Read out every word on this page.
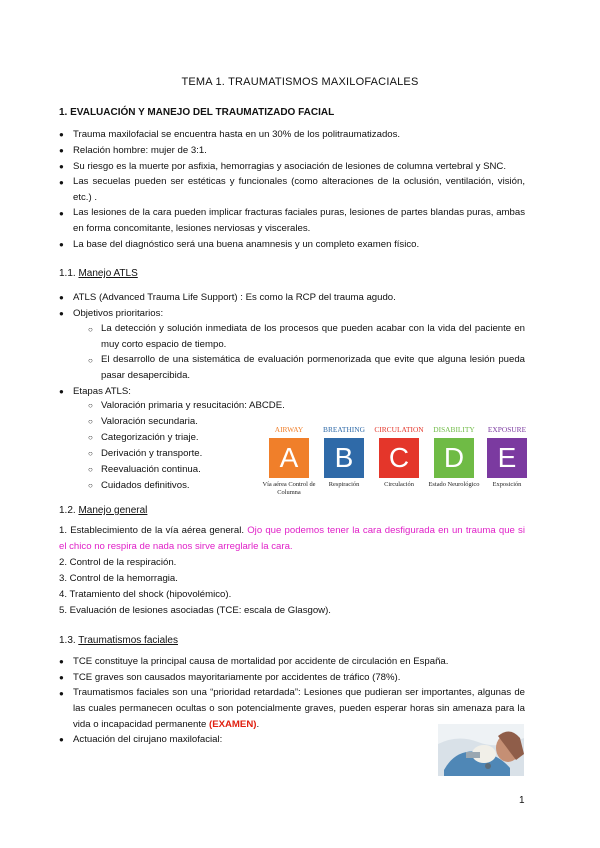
TEMA 1. TRAUMATISMOS MAXILOFACIALES
1. EVALUACIÓN Y MANEJO DEL TRAUMATIZADO FACIAL
● Trauma maxilofacial se encuentra hasta en un 30% de los politraumatizados.
● Relación hombre: mujer de 3:1.
● Su riesgo es la muerte por asfixia, hemorragias y asociación de lesiones de columna vertebral y SNC.
● Las secuelas pueden ser estéticas y funcionales (como alteraciones de la oclusión, ventilación, visión, etc.) .
● Las lesiones de la cara pueden implicar fracturas faciales puras, lesiones de partes blandas puras, ambas en forma concomitante, lesiones nerviosas y viscerales.
● La base del diagnóstico será una buena anamnesis y un completo examen físico.
1.1. Manejo ATLS
● ATLS (Advanced Trauma Life Support) : Es como la RCP del trauma agudo.
● Objetivos prioritarios:
○ La detección y solución inmediata de los procesos que pueden acabar con la vida del paciente en muy corto espacio de tiempo.
○ El desarrollo de una sistemática de evaluación pormenorizada que evite que alguna lesión pueda pasar desapercibida.
● Etapas ATLS:
○ Valoración primaria y resucitación: ABCDE.
○ Valoración secundaria.
○ Categorización y triaje.
○ Derivación y transporte.
○ Reevaluación continua.
○ Cuidados definitivos.
AIRWAY
A
Vía aérea Control de Columna
BREATHING
B
Respiración
CIRCULATION
C
Circulación
DISABILITY
D
Estado Neurológico
EXPOSURE
E
Exposición
1.2. Manejo general
1. Establecimiento de la vía aérea general. Ojo que podemos tener la cara desfigurada en un trauma que si el chico no respira de nada nos sirve arreglarle la cara.
2. Control de la respiración.
3. Control de la hemorragia.
4. Tratamiento del shock (hipovolémico).
5. Evaluación de lesiones asociadas (TCE: escala de Glasgow).
1.3. Traumatismos faciales
● TCE constituye la principal causa de mortalidad por accidente de circulación en España.
● TCE graves son causados mayoritariamente por accidentes de tráfico (78%).
● Traumatismos faciales son una “prioridad retardada”: Lesiones que pudieran ser importantes, algunas de las cuales permanecen ocultas o son potencialmente graves, pueden esperar horas sin amenaza para la vida o incapacidad permanente (EXAMEN).
● Actuación del cirujano maxilofacial:
1
